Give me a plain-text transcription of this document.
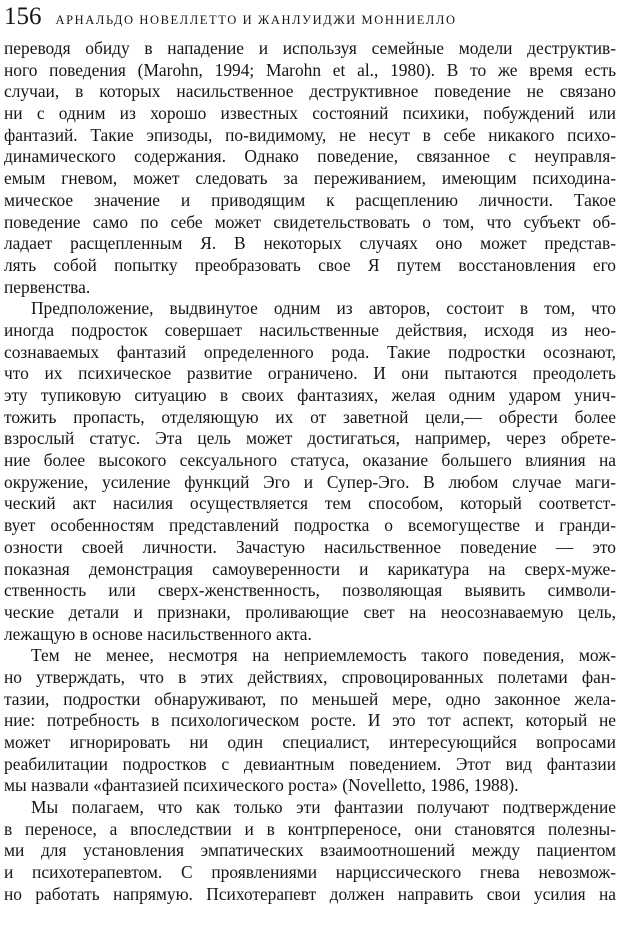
156 АРНАЛЬДО НОВЕЛЛЕТТО И ЖАНЛУИДЖИ МОННИЕЛЛО
переводя обиду в нападение и используя семейные модели деструктив-
ного поведения (Marohn, 1994; Marohn et al., 1980). В то же время есть
случаи, в которых насильственное деструктивное поведение не связано
ни с одним из хорошо известных состояний психики, побуждений или
фантазий. Такие эпизоды, по-видимому, не несут в себе никакого психо-
динамического содержания. Однако поведение, связанное с неуправля-
емым гневом, может следовать за переживанием, имеющим психодина-
мическое значение и приводящим к расщеплению личности. Такое
поведение само по себе может свидетельствовать о том, что субъект об-
ладает расщепленным Я. В некоторых случаях оно может представ-
лять собой попытку преобразовать свое Я путем восстановления его
первенства.
Предположение, выдвинутое одним из авторов, состоит в том, что
иногда подросток совершает насильственные действия, исходя из нео-
сознаваемых фантазий определенного рода. Такие подростки осознают,
что их психическое развитие ограничено. И они пытаются преодолеть
эту тупиковую ситуацию в своих фантазиях, желая одним ударом унич-
тожить пропасть, отделяющую их от заветной цели,— обрести более
взрослый статус. Эта цель может достигаться, например, через обрете-
ние более высокого сексуального статуса, оказание большего влияния на
окружение, усиление функций Эго и Супер-Эго. В любом случае маги-
ческий акт насилия осуществляется тем способом, который соответст-
вует особенностям представлений подростка о всемогуществе и гранди-
озности своей личности. Зачастую насильственное поведение — это
показная демонстрация самоуверенности и карикатура на сверх-муже-
ственность или сверх-женственность, позволяющая выявить символи-
ческие детали и признаки, проливающие свет на неосознаваемую цель,
лежащую в основе насильственного акта.
Тем не менее, несмотря на неприемлемость такого поведения, мож-
но утверждать, что в этих действиях, спровоцированных полетами фан-
тазии, подростки обнаруживают, по меньшей мере, одно законное жела-
ние: потребность в психологическом росте. И это тот аспект, который не
может игнорировать ни один специалист, интересующийся вопросами
реабилитации подростков с девиантным поведением. Этот вид фантазии
мы назвали «фантазией психического роста» (Novelletto, 1986, 1988).
Мы полагаем, что как только эти фантазии получают подтверждение
в переносе, а впоследствии и в контрпереносе, они становятся полезны-
ми для установления эмпатических взаимоотношений между пациентом
и психотерапевтом. С проявлениями нарциссического гнева невозмож-
но работать напрямую. Психотерапевт должен направить свои усилия на
